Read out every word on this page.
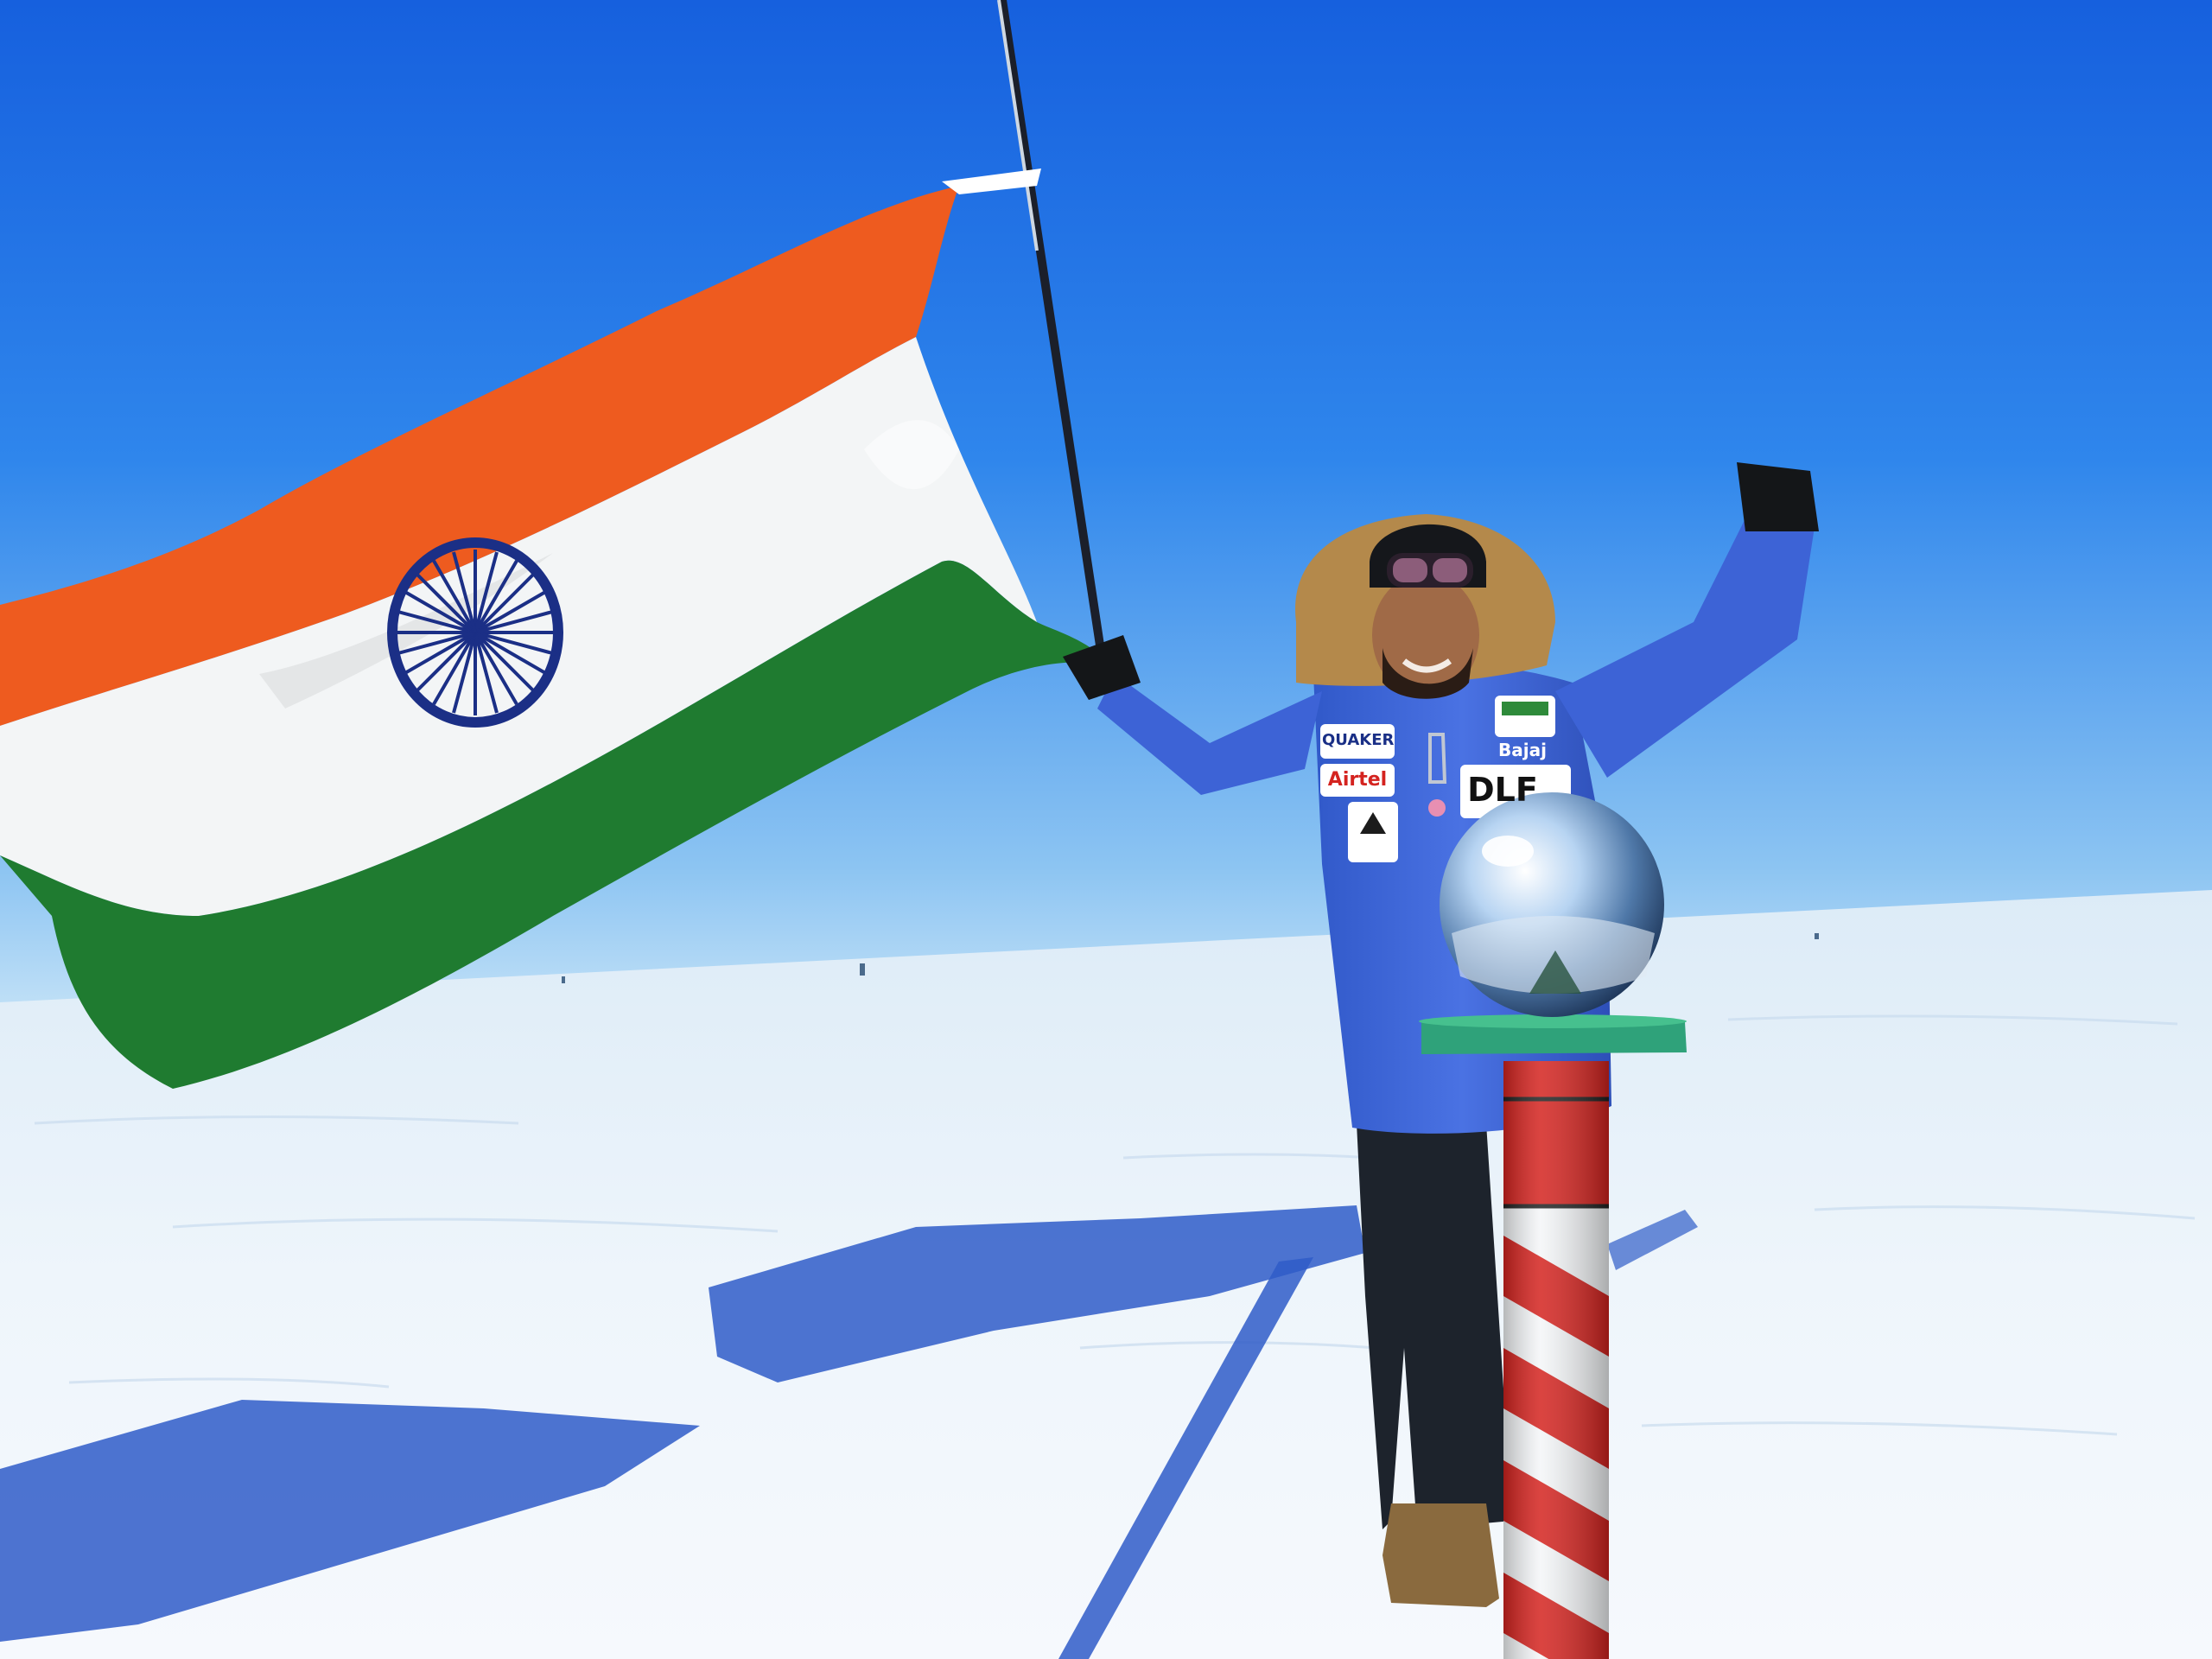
QUAKER
Airtel
Bajaj
DLF
